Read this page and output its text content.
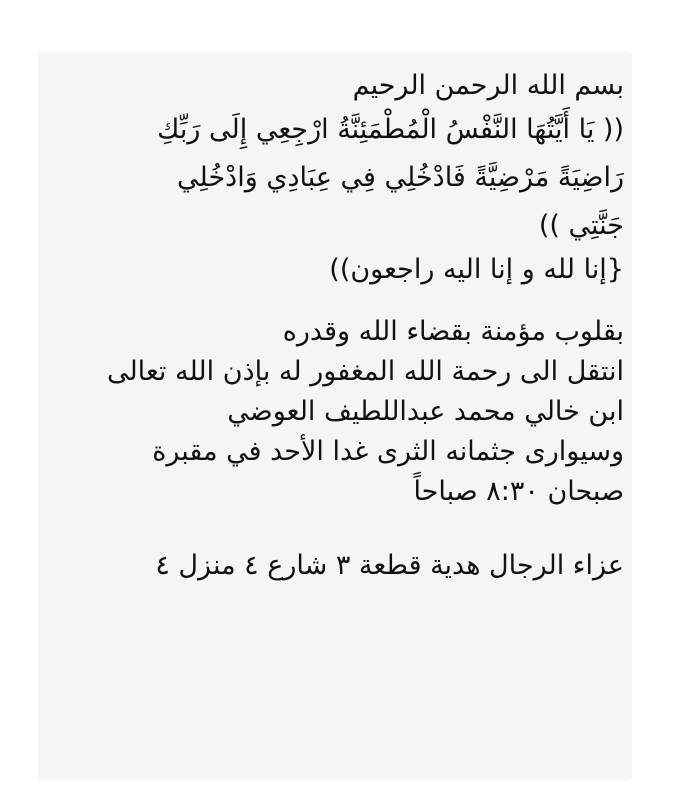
بسم الله الرحمن الرحيم
(( يَا أَيَّتُهَا النَّفْسُ الْمُطْمَئِنَّةُ ارْجِعِي إِلَى رَبِّكِ
رَاضِيَةً مَرْضِيَّةً فَادْخُلِي فِي عِبَادِي وَادْخُلِي
جَنَّتِي ))
{إنا لله و إنا اليه راجعون))
بقلوب مؤمنة بقضاء الله وقدره
انتقل الى رحمة الله المغفور له بإذن الله تعالى
ابن خالي محمد عبداللطيف العوضي
وسيوارى جثمانه الثرى غدا الأحد في مقبرة
صبحان ٨:٣٠ صباحاً
عزاء الرجال هدية قطعة ٣ شارع ٤ منزل ٤
